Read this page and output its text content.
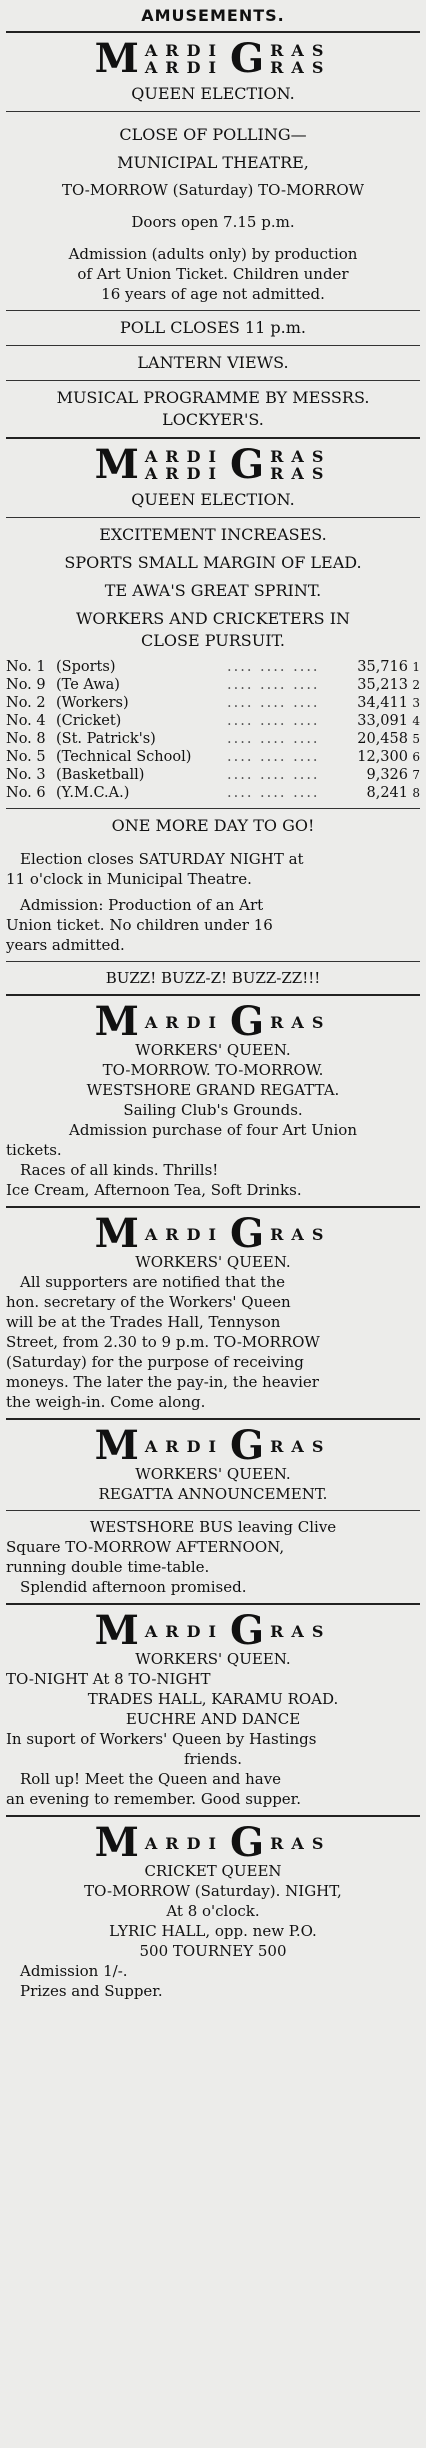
AMUSEMENTS.
M ARDI
ARDI G RAS
RAS
QUEEN ELECTION.
CLOSE OF POLLING—
MUNICIPAL THEATRE,
TO-MORROW (Saturday) TO-MORROW
Doors open 7.15 p.m.
Admission (adults only) by production
of Art Union Ticket. Children under
16 years of age not admitted.
POLL CLOSES 11 p.m.
LANTERN VIEWS.
MUSICAL PROGRAMME BY MESSRS.
LOCKYER'S.
M ARDI
ARDI G RAS
RAS
QUEEN ELECTION.
EXCITEMENT INCREASES.
SPORTS SMALL MARGIN OF LEAD.
TE AWA'S GREAT SPRINT.
WORKERS AND CRICKETERS IN
CLOSE PURSUIT.
No. 1	(Sports)	.... .... ....	35,716	1
No. 9	(Te Awa)	.... .... ....	35,213	2
No. 2	(Workers)	.... .... ....	34,411	3
No. 4	(Cricket)	.... .... ....	33,091	4
No. 8	(St. Patrick's)	.... .... ....	20,458	5
No. 5	(Technical School)	.... .... ....	12,300	6
No. 3	(Basketball)	.... .... ....	9,326	7
No. 6	(Y.M.C.A.)	.... .... ....	8,241	8
ONE MORE DAY TO GO!
Election closes SATURDAY NIGHT at
11 o'clock in Municipal Theatre.
Admission: Production of an Art
Union ticket. No children under 16
years admitted.
BUZZ! BUZZ-Z! BUZZ-ZZ!!!
M ARDI G RAS
WORKERS' QUEEN.
TO-MORROW. TO-MORROW.
WESTSHORE GRAND REGATTA.
Sailing Club's Grounds.
Admission purchase of four Art Union
tickets.
Races of all kinds. Thrills!
Ice Cream, Afternoon Tea, Soft Drinks.
M ARDI G RAS
WORKERS' QUEEN.
All supporters are notified that the
hon. secretary of the Workers' Queen
will be at the Trades Hall, Tennyson
Street, from 2.30 to 9 p.m. TO-MORROW
(Saturday) for the purpose of receiving
moneys. The later the pay-in, the heavier
the weigh-in. Come along.
M ARDI G RAS
WORKERS' QUEEN.
REGATTA ANNOUNCEMENT.
WESTSHORE BUS leaving Clive
Square TO-MORROW AFTERNOON,
running double time-table.
Splendid afternoon promised.
M ARDI G RAS
WORKERS' QUEEN.
TO-NIGHT At 8 TO-NIGHT
TRADES HALL, KARAMU ROAD.
EUCHRE AND DANCE
In suport of Workers' Queen by Hastings
friends.
Roll up! Meet the Queen and have
an evening to remember. Good supper.
M ARDI G RAS
CRICKET QUEEN
TO-MORROW (Saturday). NIGHT,
At 8 o'clock.
LYRIC HALL, opp. new P.O.
500 TOURNEY 500
Admission 1/-.
Prizes and Supper.
